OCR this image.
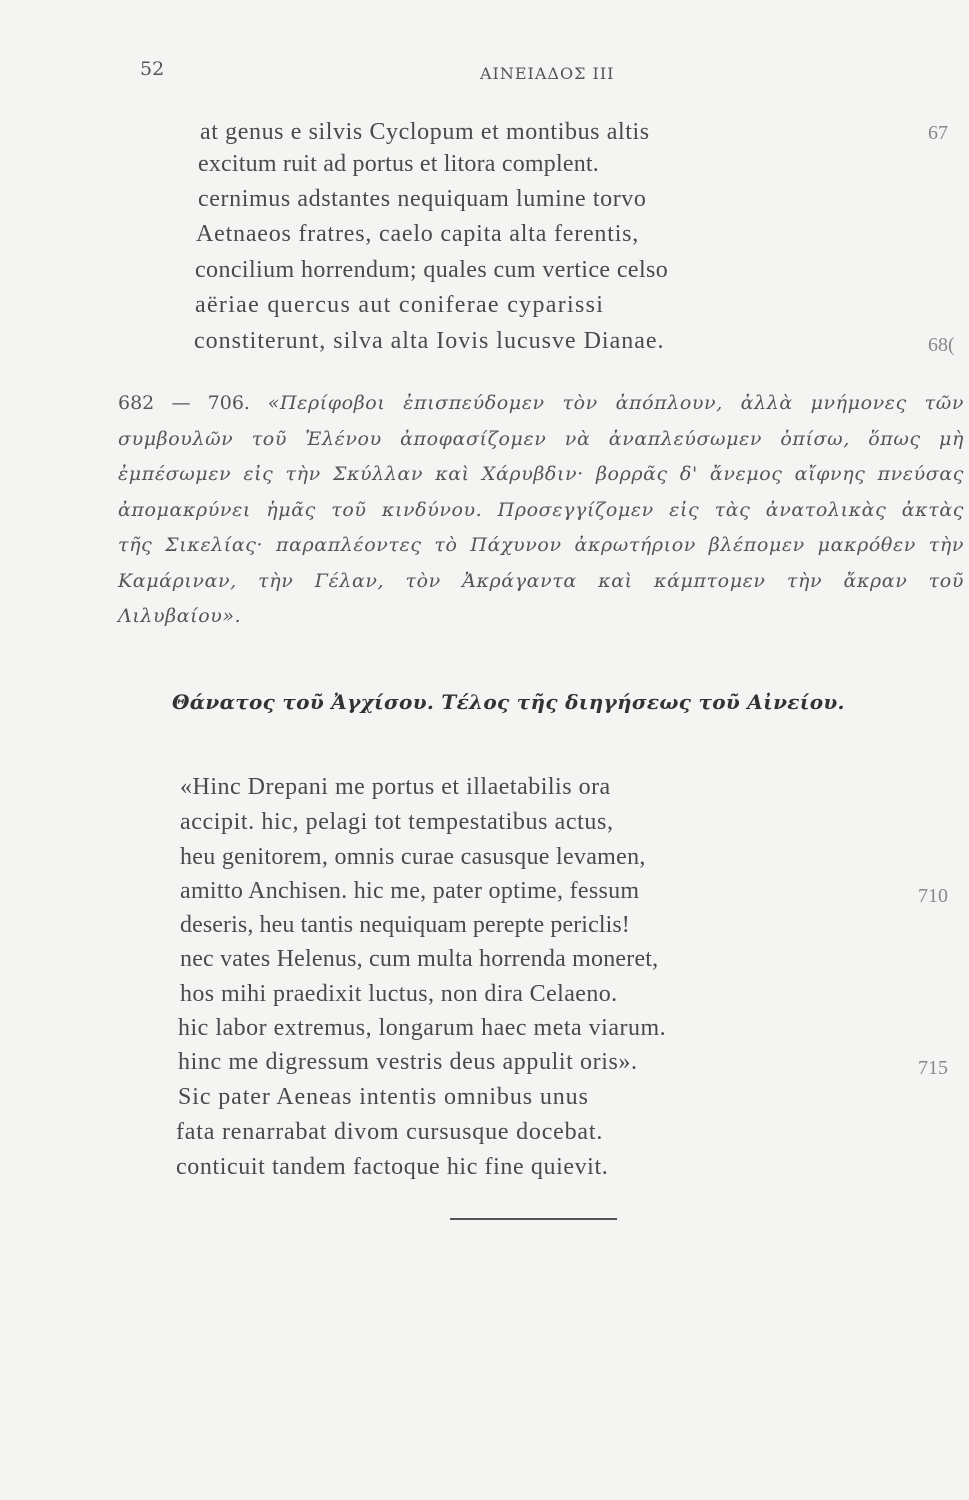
52	ΑΙΝΕΙΑΔΟΣ ΙΙΙ
at genus e silvis Cyclopum et montibus altis	67
excitum ruit ad portus et litora complent.
cernimus adstantes nequiquam lumine torvo
Aetnaeos fratres, caelo capita alta ferentis,
concilium horrendum; quales cum vertice celso
aëriae quercus aut coniferae cyparissi
68(
constiterunt, silva alta Iovis lucusve Dianae.
682 — 706. «Περίφοβοι ἐπισπεύδομεν τὸν ἀπόπλουν, ἀλλὰ μνήμονες τῶν συμβουλῶν τοῦ Ἑλένου ἀποφασίζομεν νὰ ἀναπλεύσωμεν ὀπίσω, ὅπως μὴ ἐμπέσωμεν εἰς τὴν Σκύλλαν καὶ Χάρυβδιν· βορρᾶς δ' ἄνεμος αἴφνης πνεύσας ἀπομακρύνει ἡμᾶς τοῦ κινδύνου. Προσεγγίζομεν εἰς τὰς ἀνατολικὰς ἀκτὰς τῆς Σικελίας· παραπλέοντες τὸ Πάχυνον ἀκρωτήριον βλέπομεν μακρόθεν τὴν Καμάριναν, τὴν Γέλαν, τὸν Ἀκράγαντα καὶ κάμπτομεν τὴν ἄκραν τοῦ Λιλυβαίου».
Θάνατος τοῦ Ἀγχίσου. Τέλος τῆς διηγήσεως τοῦ Αἰνείου.
«Hinc Drepani me portus et illaetabilis ora
accipit. hic, pelagi tot tempestatibus actus,
heu genitorem, omnis curae casusque levamen,
amitto Anchisen. hic me, pater optime, fessum	710
deseris, heu tantis nequiquam perepte periclis!
nec vates Helenus, cum multa horrenda moneret,
hos mihi praedixit luctus, non dira Celaeno.
hic labor extremus, longarum haec meta viarum.
hinc me digressum vestris deus appulit oris».	715
Sic pater Aeneas intentis omnibus unus
fata renarrabat divom cursusque docebat.
conticuit tandem factoque hic fine quievit.
